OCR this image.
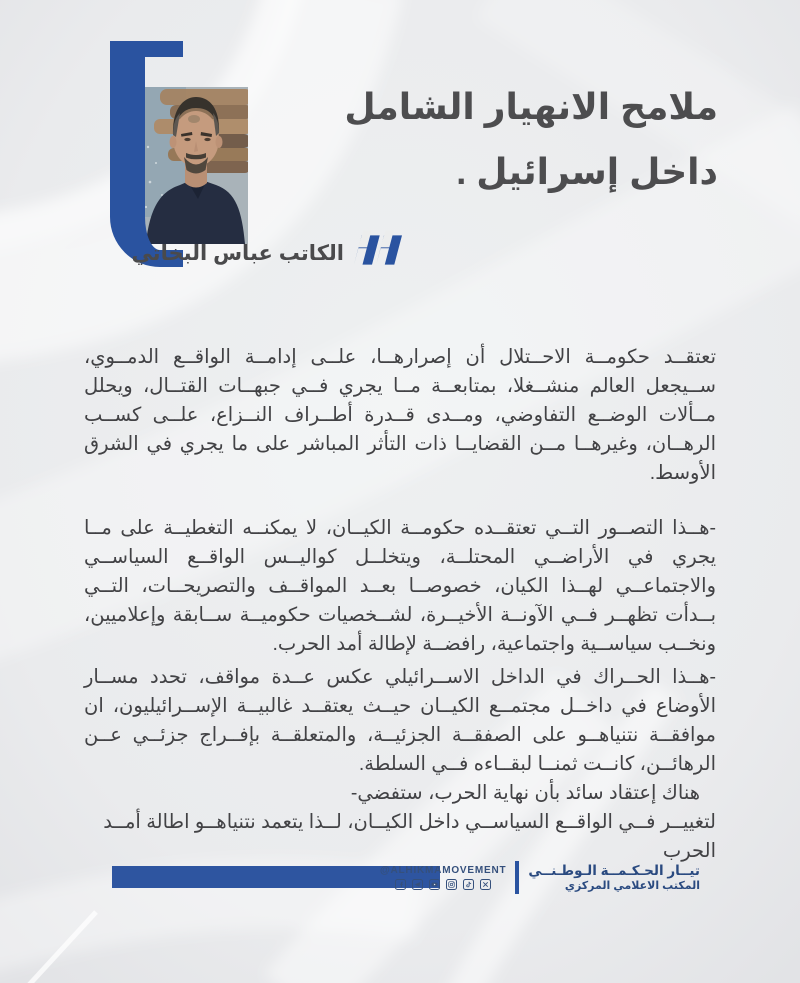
الكاتب عباس البخاتي
ملامح الانهيار الشامل
داخل إسرائيل .

تعتقــد حكومــة الاحــتلال أن إصرارهــا، علــى إدامــة الواقــع الدمــوي، ســيجعل العالم منشــغلا، بمتابعــة مــا يجري فــي جبهــات القتــال، ويحلل مــألات الوضــع التفاوضي، ومــدى قــدرة أطــراف النــزاع، علــى كســب الرهــان، وغيرهــا مــن القضايــا ذات التأثر المباشر على ما يجري في الشرق الأوسط.

-هــذا التصــور التــي تعتقــده حكومــة الكيــان، لا يمكنــه التغطيــة على مــا يجري في الأراضــي المحتلــة، ويتخلــل كواليــس الواقــع السياســي والاجتماعــي لهــذا الكيان، خصوصــا بعــد المواقــف والتصريحــات، التــي بــدأت تظهــر فــي الآونــة الأخيــرة، لشــخصيات حكوميــة ســابقة وإعلاميين، ونخــب سياســية واجتماعية، رافضــة لإطالة أمد الحرب.

-هــذا الحــراك في الداخل الاســرائيلي عكس عــدة مواقف، تحدد مســار الأوضاع في داخــل مجتمــع الكيــان حيــث يعتقــد غالبيــة الإســرائيليون، ان موافقــة نتنياهــو على الصفقــة الجزئيــة، والمتعلقــة بإفــراج جزئــي عــن الرهائــن، كانــت ثمنــا لبقــاءه فــي السلطة.

هناك إعتقاد سائد بأن نهاية الحرب، ستفضي-
لتغييــر فــي الواقــع السياســي داخل الكيــان، لــذا يتعمد نتنياهــو اطالة أمــد الحرب
@ALHIKMAMOVEMENT تيــار الحـكـمــة الـوطـنــي
المكتب الاعلامي المركزي
